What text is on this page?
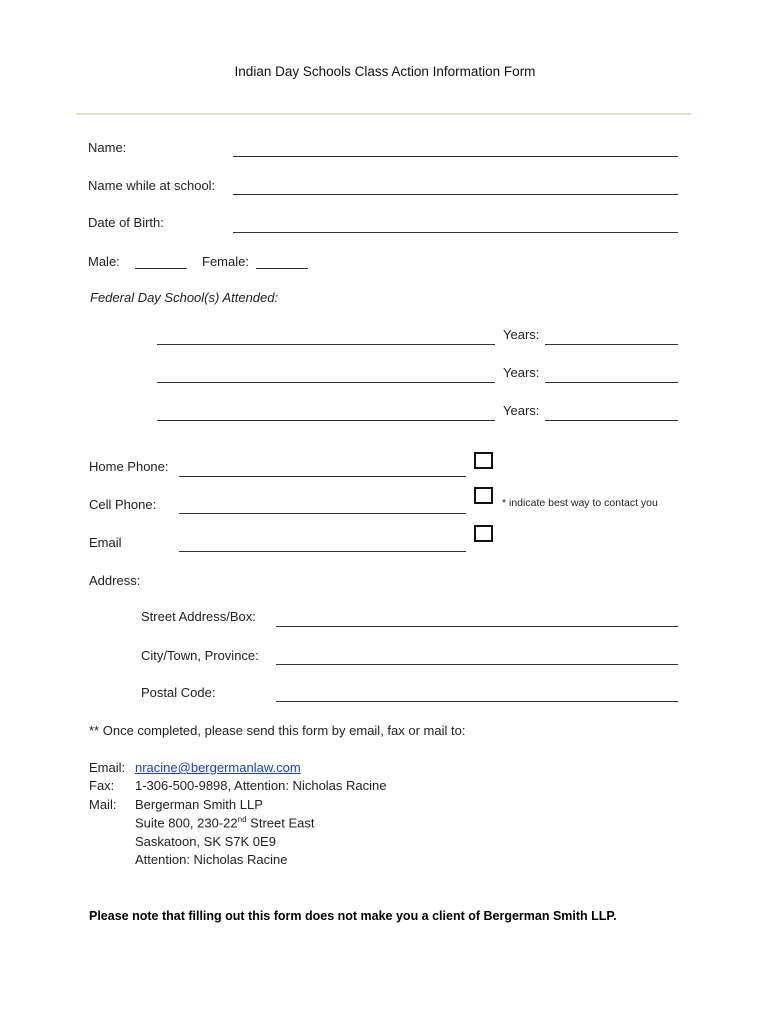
Indian Day Schools Class Action Information Form
Name:
Name while at school:
Date of Birth:
Male:	Female:
Federal Day School(s) Attended:
Years:
Years:
Years:
Home Phone:
Cell Phone:	* indicate best way to contact you
Email
Address:
Street Address/Box:
City/Town, Province:
Postal Code:
** Once completed, please send this form by email, fax or mail to:
Email: nracine@bergermanlaw.com
Fax: 1-306-500-9898, Attention: Nicholas Racine
Mail: Bergerman Smith LLP
Suite 800, 230-22nd Street East
Saskatoon, SK S7K 0E9
Attention: Nicholas Racine
Please note that filling out this form does not make you a client of Bergerman Smith LLP.
